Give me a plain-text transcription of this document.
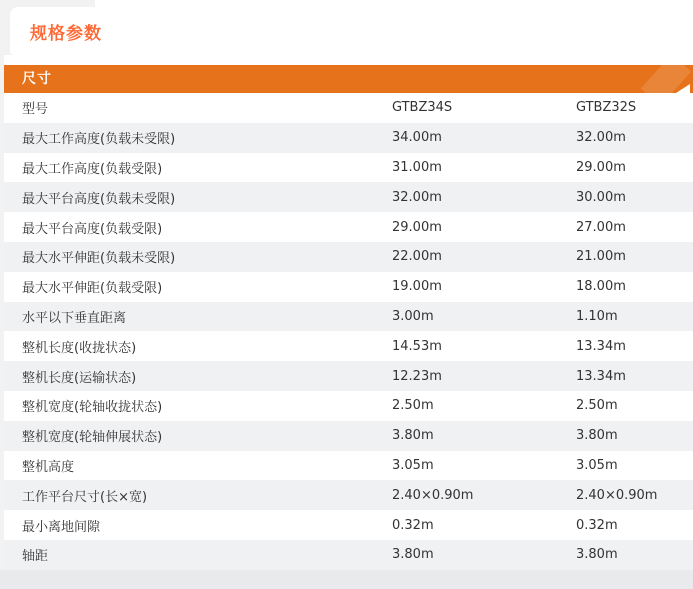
规格参数
尺寸
型号	GTBZ34S	GTBZ32S
最大工作高度(负载未受限)	34.00m	32.00m
最大工作高度(负载受限)	31.00m	29.00m
最大平台高度(负载未受限)	32.00m	30.00m
最大平台高度(负载受限)	29.00m	27.00m
最大水平伸距(负载未受限)	22.00m	21.00m
最大水平伸距(负载受限)	19.00m	18.00m
水平以下垂直距离	3.00m	1.10m
整机长度(收拢状态)	14.53m	13.34m
整机长度(运输状态)	12.23m	13.34m
整机宽度(轮轴收拢状态)	2.50m	2.50m
整机宽度(轮轴伸展状态)	3.80m	3.80m
整机高度	3.05m	3.05m
工作平台尺寸(长×宽)	2.40×0.90m	2.40×0.90m
最小离地间隙	0.32m	0.32m
轴距	3.80m	3.80m
